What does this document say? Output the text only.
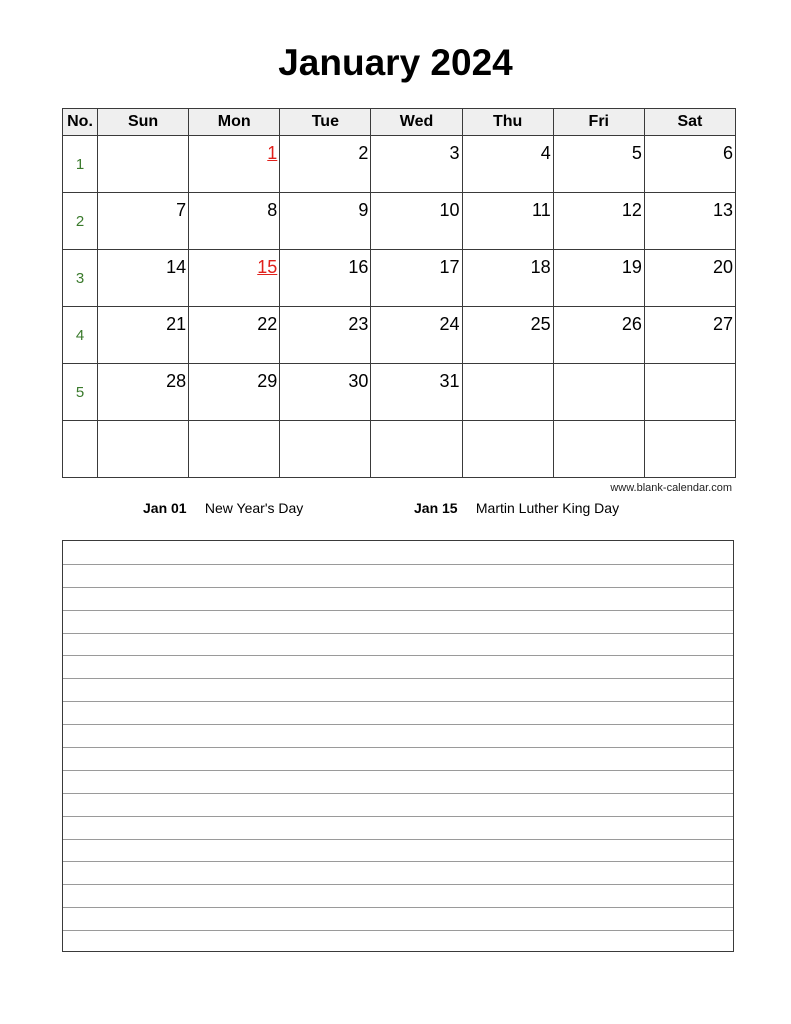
January 2024
No.	Sun	Mon	Tue	Wed	Thu	Fri	Sat
1		1	2	3	4	5	6

2	7	8	9	10	11	12	13

3	14	15	16	17	18	19	20

4	21	22	23	24	25	26	27

5	28	29	30	31			

www.blank-calendar.com
Jan 01 New Year's Day	Jan 15 Martin Luther King Day
